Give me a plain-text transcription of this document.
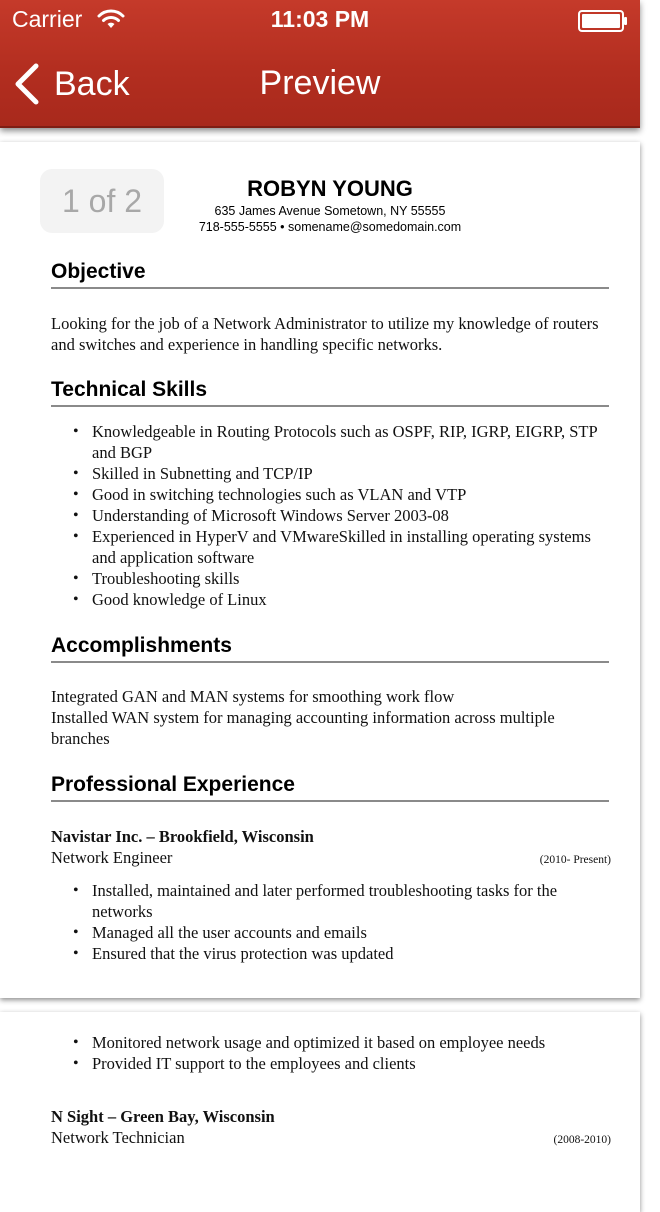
Carrier	11:03 PM
Back	Preview
1 of 2	ROBYN YOUNG
635 James Avenue Sometown, NY 55555
718-555-5555 • somename@somedomain.com
Objective
Looking for the job of a Network Administrator to utilize my knowledge of routers and switches and experience in handling specific networks.
Technical Skills
• Knowledgeable in Routing Protocols such as OSPF, RIP, IGRP, EIGRP, STP and BGP
• Skilled in Subnetting and TCP/IP
• Good in switching technologies such as VLAN and VTP
• Understanding of Microsoft Windows Server 2003-08
• Experienced in HyperV and VMwareSkilled in installing operating systems and application software
• Troubleshooting skills
• Good knowledge of Linux
Accomplishments
Integrated GAN and MAN systems for smoothing work flow
Installed WAN system for managing accounting information across multiple branches
Professional Experience
Navistar Inc. – Brookfield, Wisconsin
Network Engineer	(2010- Present)
• Installed, maintained and later performed troubleshooting tasks for the networks
• Managed all the user accounts and emails
• Ensured that the virus protection was updated
• Monitored network usage and optimized it based on employee needs
• Provided IT support to the employees and clients
N Sight – Green Bay, Wisconsin
Network Technician	(2008-2010)
